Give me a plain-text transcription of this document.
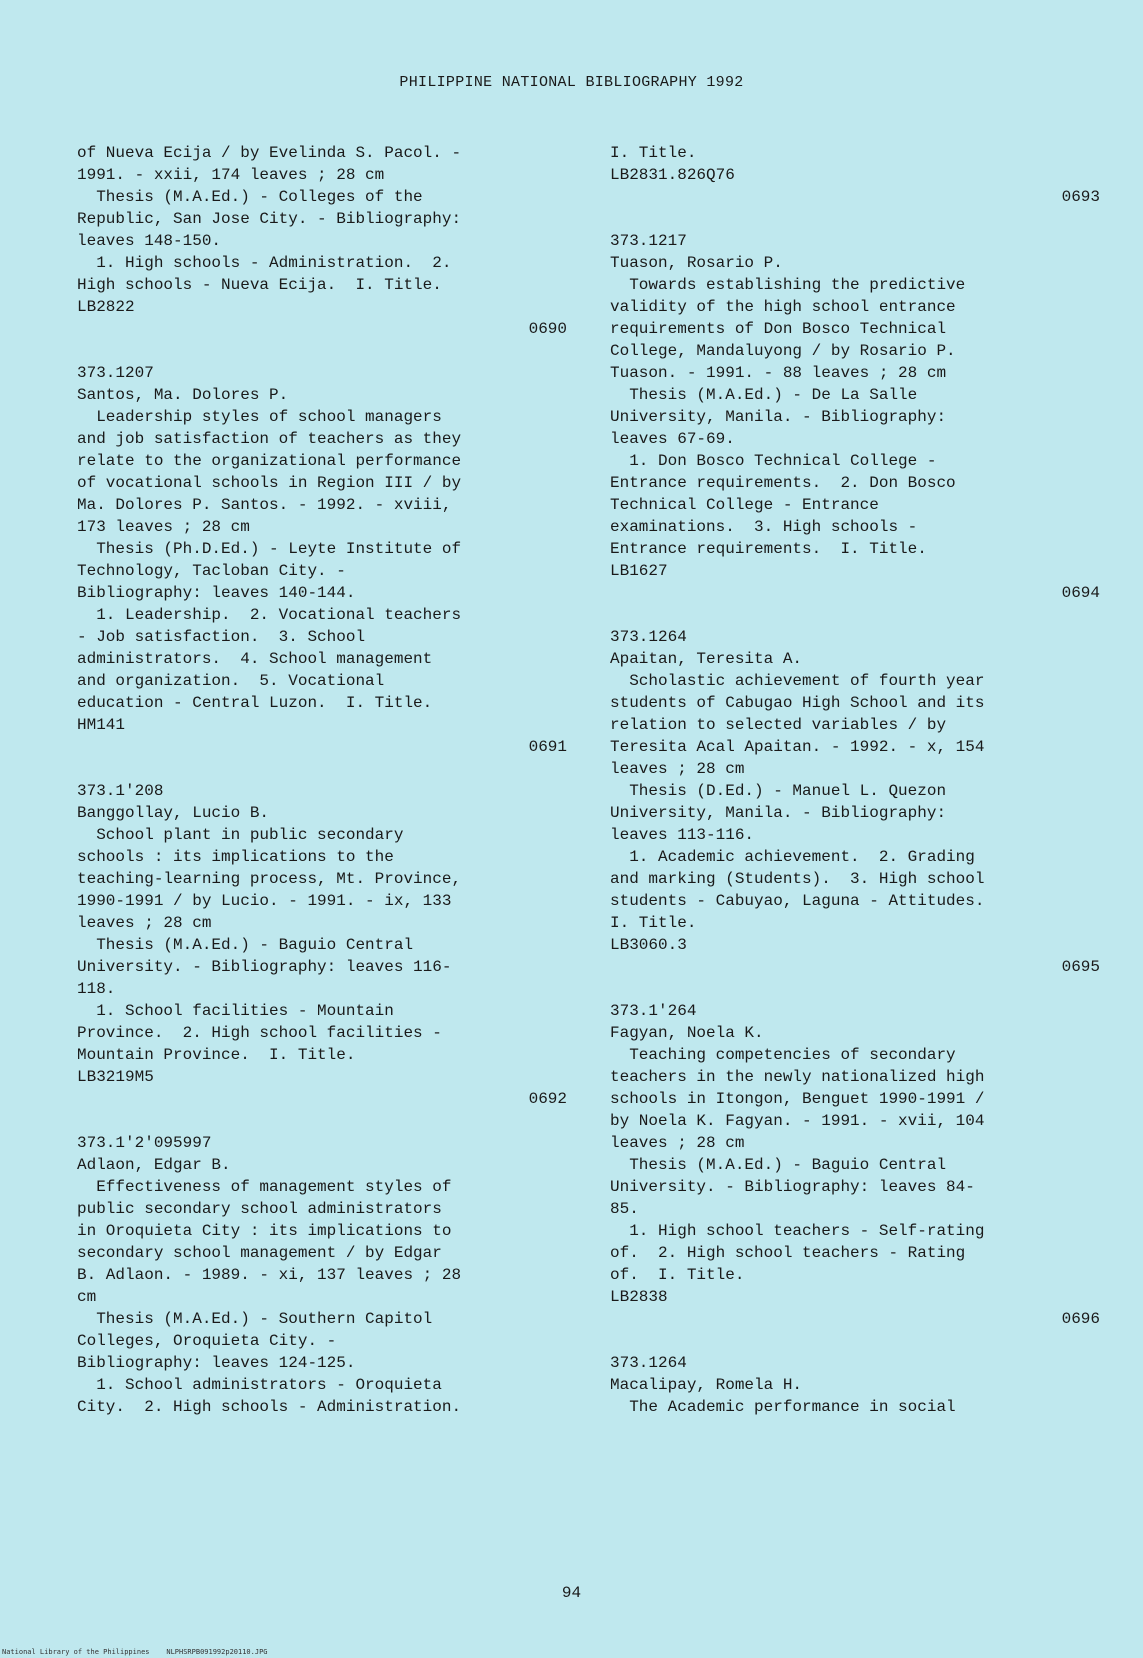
PHILIPPINE NATIONAL BIBLIOGRAPHY 1992
of Nueva Ecija / by Evelinda S. Pacol. -
1991. - xxii, 174 leaves ; 28 cm
Thesis (M.A.Ed.) - Colleges of the
Republic, San Jose City. - Bibliography:
leaves 148-150.
1. High schools - Administration.  2.
High schools - Nueva Ecija.  I. Title.
LB2822
0690
373.1207
Santos, Ma. Dolores P.
Leadership styles of school managers
and job satisfaction of teachers as they
relate to the organizational performance
of vocational schools in Region III / by
Ma. Dolores P. Santos. - 1992. - xviii,
173 leaves ; 28 cm
Thesis (Ph.D.Ed.) - Leyte Institute of
Technology, Tacloban City. -
Bibliography: leaves 140-144.
1. Leadership.  2. Vocational teachers
- Job satisfaction.  3. School
administrators.  4. School management
and organization.  5. Vocational
education - Central Luzon.  I. Title.
HM141
0691
373.1'208
Banggollay, Lucio B.
School plant in public secondary
schools : its implications to the
teaching-learning process, Mt. Province,
1990-1991 / by Lucio. - 1991. - ix, 133
leaves ; 28 cm
Thesis (M.A.Ed.) - Baguio Central
University. - Bibliography: leaves 116-
118.
1. School facilities - Mountain
Province.  2. High school facilities -
Mountain Province.  I. Title.
LB3219M5
0692
373.1'2'095997
Adlaon, Edgar B.
Effectiveness of management styles of
public secondary school administrators
in Oroquieta City : its implications to
secondary school management / by Edgar
B. Adlaon. - 1989. - xi, 137 leaves ; 28
cm
Thesis (M.A.Ed.) - Southern Capitol
Colleges, Oroquieta City. -
Bibliography: leaves 124-125.
1. School administrators - Oroquieta
City.  2. High schools - Administration.
I. Title.
LB2831.826Q76
0693
373.1217
Tuason, Rosario P.
Towards establishing the predictive
validity of the high school entrance
requirements of Don Bosco Technical
College, Mandaluyong / by Rosario P.
Tuason. - 1991. - 88 leaves ; 28 cm
Thesis (M.A.Ed.) - De La Salle
University, Manila. - Bibliography:
leaves 67-69.
1. Don Bosco Technical College -
Entrance requirements.  2. Don Bosco
Technical College - Entrance
examinations.  3. High schools -
Entrance requirements.  I. Title.
LB1627
0694
373.1264
Apaitan, Teresita A.
Scholastic achievement of fourth year
students of Cabugao High School and its
relation to selected variables / by
Teresita Acal Apaitan. - 1992. - x, 154
leaves ; 28 cm
Thesis (D.Ed.) - Manuel L. Quezon
University, Manila. - Bibliography:
leaves 113-116.
1. Academic achievement.  2. Grading
and marking (Students).  3. High school
students - Cabuyao, Laguna - Attitudes.
I. Title.
LB3060.3
0695
373.1'264
Fagyan, Noela K.
Teaching competencies of secondary
teachers in the newly nationalized high
schools in Itongon, Benguet 1990-1991 /
by Noela K. Fagyan. - 1991. - xvii, 104
leaves ; 28 cm
Thesis (M.A.Ed.) - Baguio Central
University. - Bibliography: leaves 84-
85.
1. High school teachers - Self-rating
of.  2. High school teachers - Rating
of.  I. Title.
LB2838
0696
373.1264
Macalipay, Romela H.
The Academic performance in social
94
National Library of the Philippines    NLPHSRPB091992p20110.JPG
